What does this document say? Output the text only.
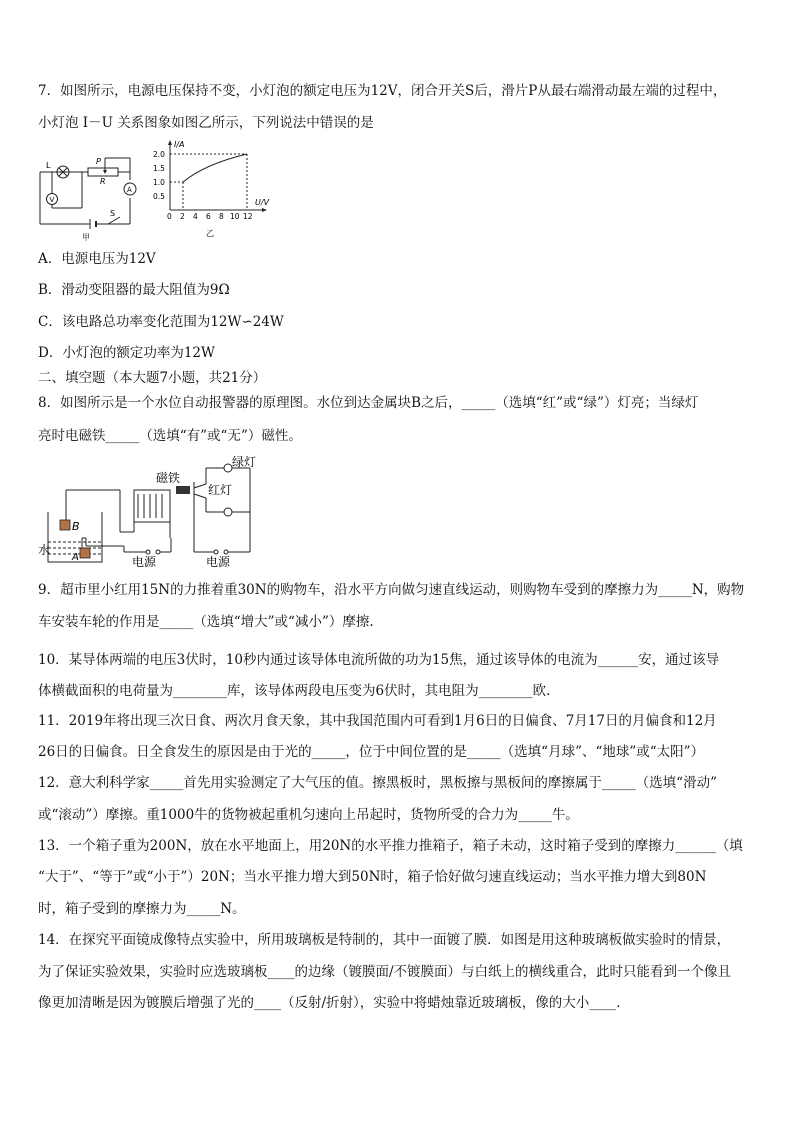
7．如图所示，电源电压保持不变，小灯泡的额定电压为12V，闭合开关S后，滑片P从最右端滑动最左端的过程中，
小灯泡 I－U 关系图象如图乙所示，下列说法中错误的是
L	P
R
A
V
S
甲
I/A
U/V
2.0
1.5
1.0
0.5
0 2 4 6 8 10 12
乙
A．电源电压为12V
B．滑动变阻器的最大阻值为9Ω
C．该电路总功率变化范围为12W∽24W
D．小灯泡的额定功率为12W
二、填空题（本大题7小题，共21分）
8．如图所示是一个水位自动报警器的原理图。水位到达金属块B之后，_____（选填“红”或“绿”）灯亮；当绿灯
亮时电磁铁_____（选填“有”或“无”）磁性。
磁铁
绿灯
红灯
水
B
A	电源	电源
9．超市里小红用15N的力推着重30N的购物车，沿水平方向做匀速直线运动，则购物车受到的摩擦力为_____N，购物
车安装车轮的作用是_____（选填“增大”或“减小”）摩擦.
10．某导体两端的电压3伏时，10秒内通过该导体电流所做的功为15焦，通过该导体的电流为______安，通过该导
体横截面积的电荷量为________库，该导体两段电压变为6伏时，其电阻为________欧.
11．2019年将出现三次日食、两次月食天象，其中我国范围内可看到1月6日的日偏食、7月17日的月偏食和12月
26日的日偏食。日全食发生的原因是由于光的_____，位于中间位置的是_____（选填“月球”、“地球”或“太阳”）
12．意大利科学家_____首先用实验测定了大气压的值。擦黑板时，黑板擦与黑板间的摩擦属于_____（选填“滑动”
或“滚动”）摩擦。重1000牛的货物被起重机匀速向上吊起时，货物所受的合力为_____牛。
13．一个箱子重为200N，放在水平地面上，用20N的水平推力推箱子，箱子未动，这时箱子受到的摩擦力______（填
“大于”、“等于”或“小于”）20N；当水平推力增大到50N时，箱子恰好做匀速直线运动；当水平推力增大到80N
时，箱子受到的摩擦力为_____N。
14．在探究平面镜成像特点实验中，所用玻璃板是特制的，其中一面镀了膜．如图是用这种玻璃板做实验时的情景，
为了保证实验效果，实验时应选玻璃板____的边缘（镀膜面/不镀膜面）与白纸上的横线重合，此时只能看到一个像且
像更加清晰是因为镀膜后增强了光的____（反射/折射），实验中将蜡烛靠近玻璃板，像的大小____．
